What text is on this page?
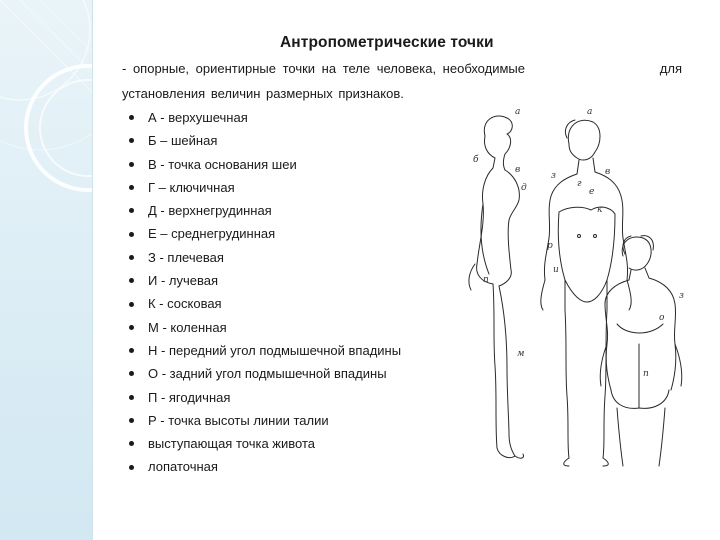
Антропометрические точки
- опорные, ориентирные точки на теле человека, необходимые	для
установления величин размерных признаков.
А - верхушечная
Б – шейная
В - точка основания шеи
Г – ключичная
Д - верхнегрудинная
Е – среднегрудинная
З - плечевая
И - лучевая
К - сосковая
М - коленная
Н - передний угол подмышечной впадины
О - задний угол подмышечной впадины
П - ягодичная
Р - точка высоты линии талии
выступающая точка живота
лопаточная
а
б
в
д
п
м
а
з	в
г
е
к
р
и
з
о
п
